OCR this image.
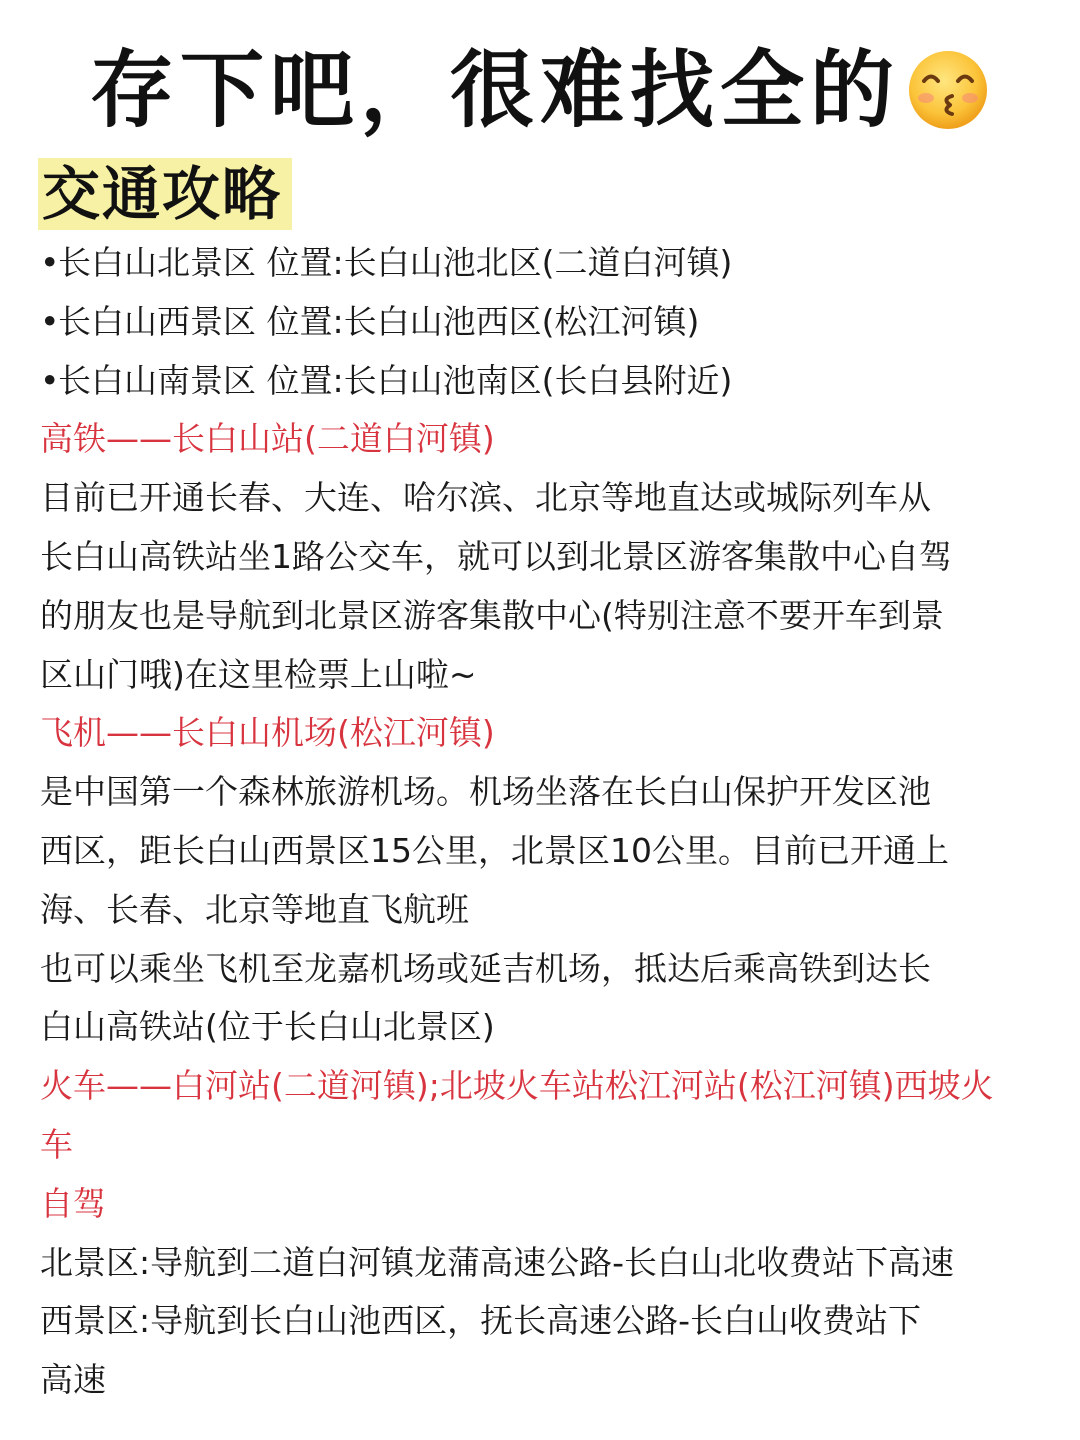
存下吧，很难找全的
交通攻略
•长白山北景区 位置:长白山池北区(二道白河镇)
•长白山西景区 位置:长白山池西区(松江河镇)
•长白山南景区 位置:长白山池南区(长白县附近)
高铁——长白山站(二道白河镇)
目前已开通长春、大连、哈尔滨、北京等地直达或城际列车从
长白山高铁站坐1路公交车，就可以到北景区游客集散中心自驾
的朋友也是导航到北景区游客集散中心(特别注意不要开车到景
区山门哦)在这里检票上山啦~
飞机——长白山机场(松江河镇)
是中国第一个森林旅游机场。机场坐落在长白山保护开发区池
西区，距长白山西景区15公里，北景区10公里。目前已开通上
海、长春、北京等地直飞航班
也可以乘坐飞机至龙嘉机场或延吉机场，抵达后乘高铁到达长
白山高铁站(位于长白山北景区)
火车——白河站(二道河镇);北坡火车站松江河站(松江河镇)西坡火
车
自驾
北景区:导航到二道白河镇龙蒲高速公路-长白山北收费站下高速
西景区:导航到长白山池西区，抚长高速公路-长白山收费站下
高速
